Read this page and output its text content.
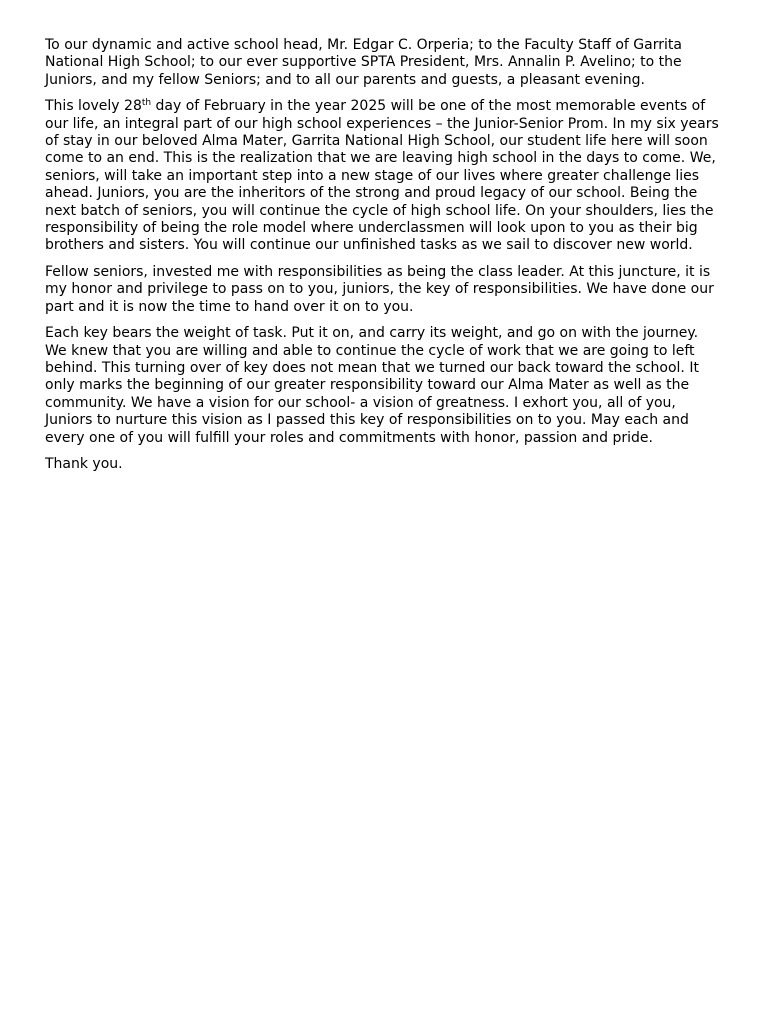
To our dynamic and active school head, Mr. Edgar C. Orperia; to the Faculty Staff of Garrita National High School; to our ever supportive SPTA President, Mrs. Annalin P. Avelino; to the Juniors, and my fellow Seniors; and to all our parents and guests, a pleasant evening.

This lovely 28th day of February in the year 2025 will be one of the most memorable events of our life, an integral part of our high school experiences – the Junior-Senior Prom. In my six years of stay in our beloved Alma Mater, Garrita National High School, our student life here will soon come to an end. This is the realization that we are leaving high school in the days to come. We, seniors, will take an important step into a new stage of our lives where greater challenge lies ahead. Juniors, you are the inheritors of the strong and proud legacy of our school. Being the next batch of seniors, you will continue the cycle of high school life. On your shoulders, lies the responsibility of being the role model where underclassmen will look upon to you as their big brothers and sisters. You will continue our unfinished tasks as we sail to discover new world.

Fellow seniors, invested me with responsibilities as being the class leader. At this juncture, it is my honor and privilege to pass on to you, juniors, the key of responsibilities. We have done our part and it is now the time to hand over it on to you.

Each key bears the weight of task. Put it on, and carry its weight, and go on with the journey. We knew that you are willing and able to continue the cycle of work that we are going to left behind. This turning over of key does not mean that we turned our back toward the school. It only marks the beginning of our greater responsibility toward our Alma Mater as well as the community. We have a vision for our school- a vision of greatness. I exhort you, all of you, Juniors to nurture this vision as I passed this key of responsibilities on to you. May each and every one of you will fulfill your roles and commitments with honor, passion and pride.

Thank you.
